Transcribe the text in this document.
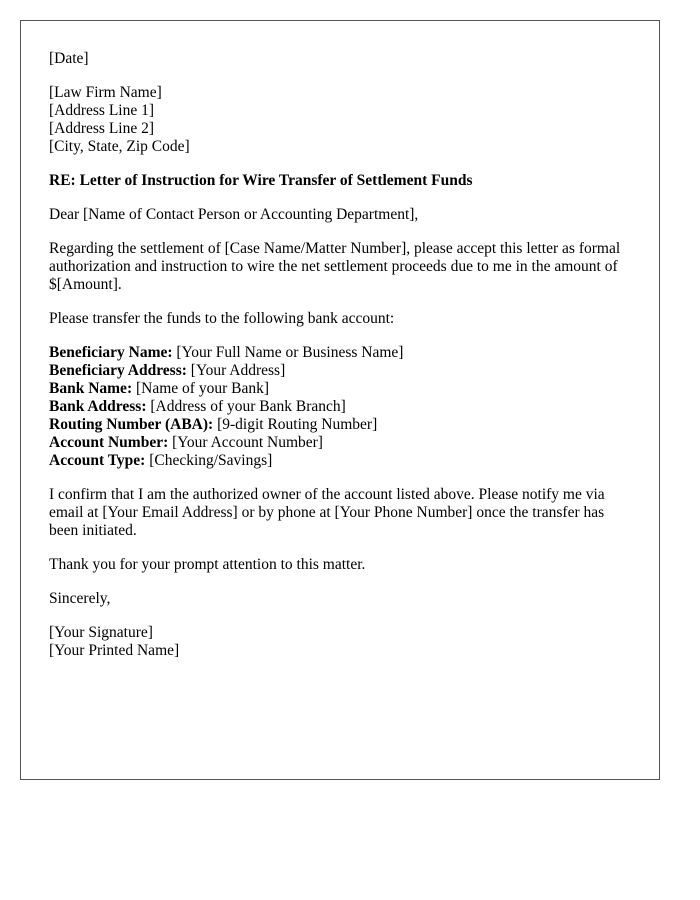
[Date]
[Law Firm Name]
[Address Line 1]
[Address Line 2]
[City, State, Zip Code]
RE: Letter of Instruction for Wire Transfer of Settlement Funds
Dear [Name of Contact Person or Accounting Department],
Regarding the settlement of [Case Name/Matter Number], please accept this letter as formal authorization and instruction to wire the net settlement proceeds due to me in the amount of $[Amount].
Please transfer the funds to the following bank account:
Beneficiary Name: [Your Full Name or Business Name]
Beneficiary Address: [Your Address]
Bank Name: [Name of your Bank]
Bank Address: [Address of your Bank Branch]
Routing Number (ABA): [9-digit Routing Number]
Account Number: [Your Account Number]
Account Type: [Checking/Savings]
I confirm that I am the authorized owner of the account listed above. Please notify me via email at [Your Email Address] or by phone at [Your Phone Number] once the transfer has been initiated.
Thank you for your prompt attention to this matter.
Sincerely,
[Your Signature]
[Your Printed Name]
